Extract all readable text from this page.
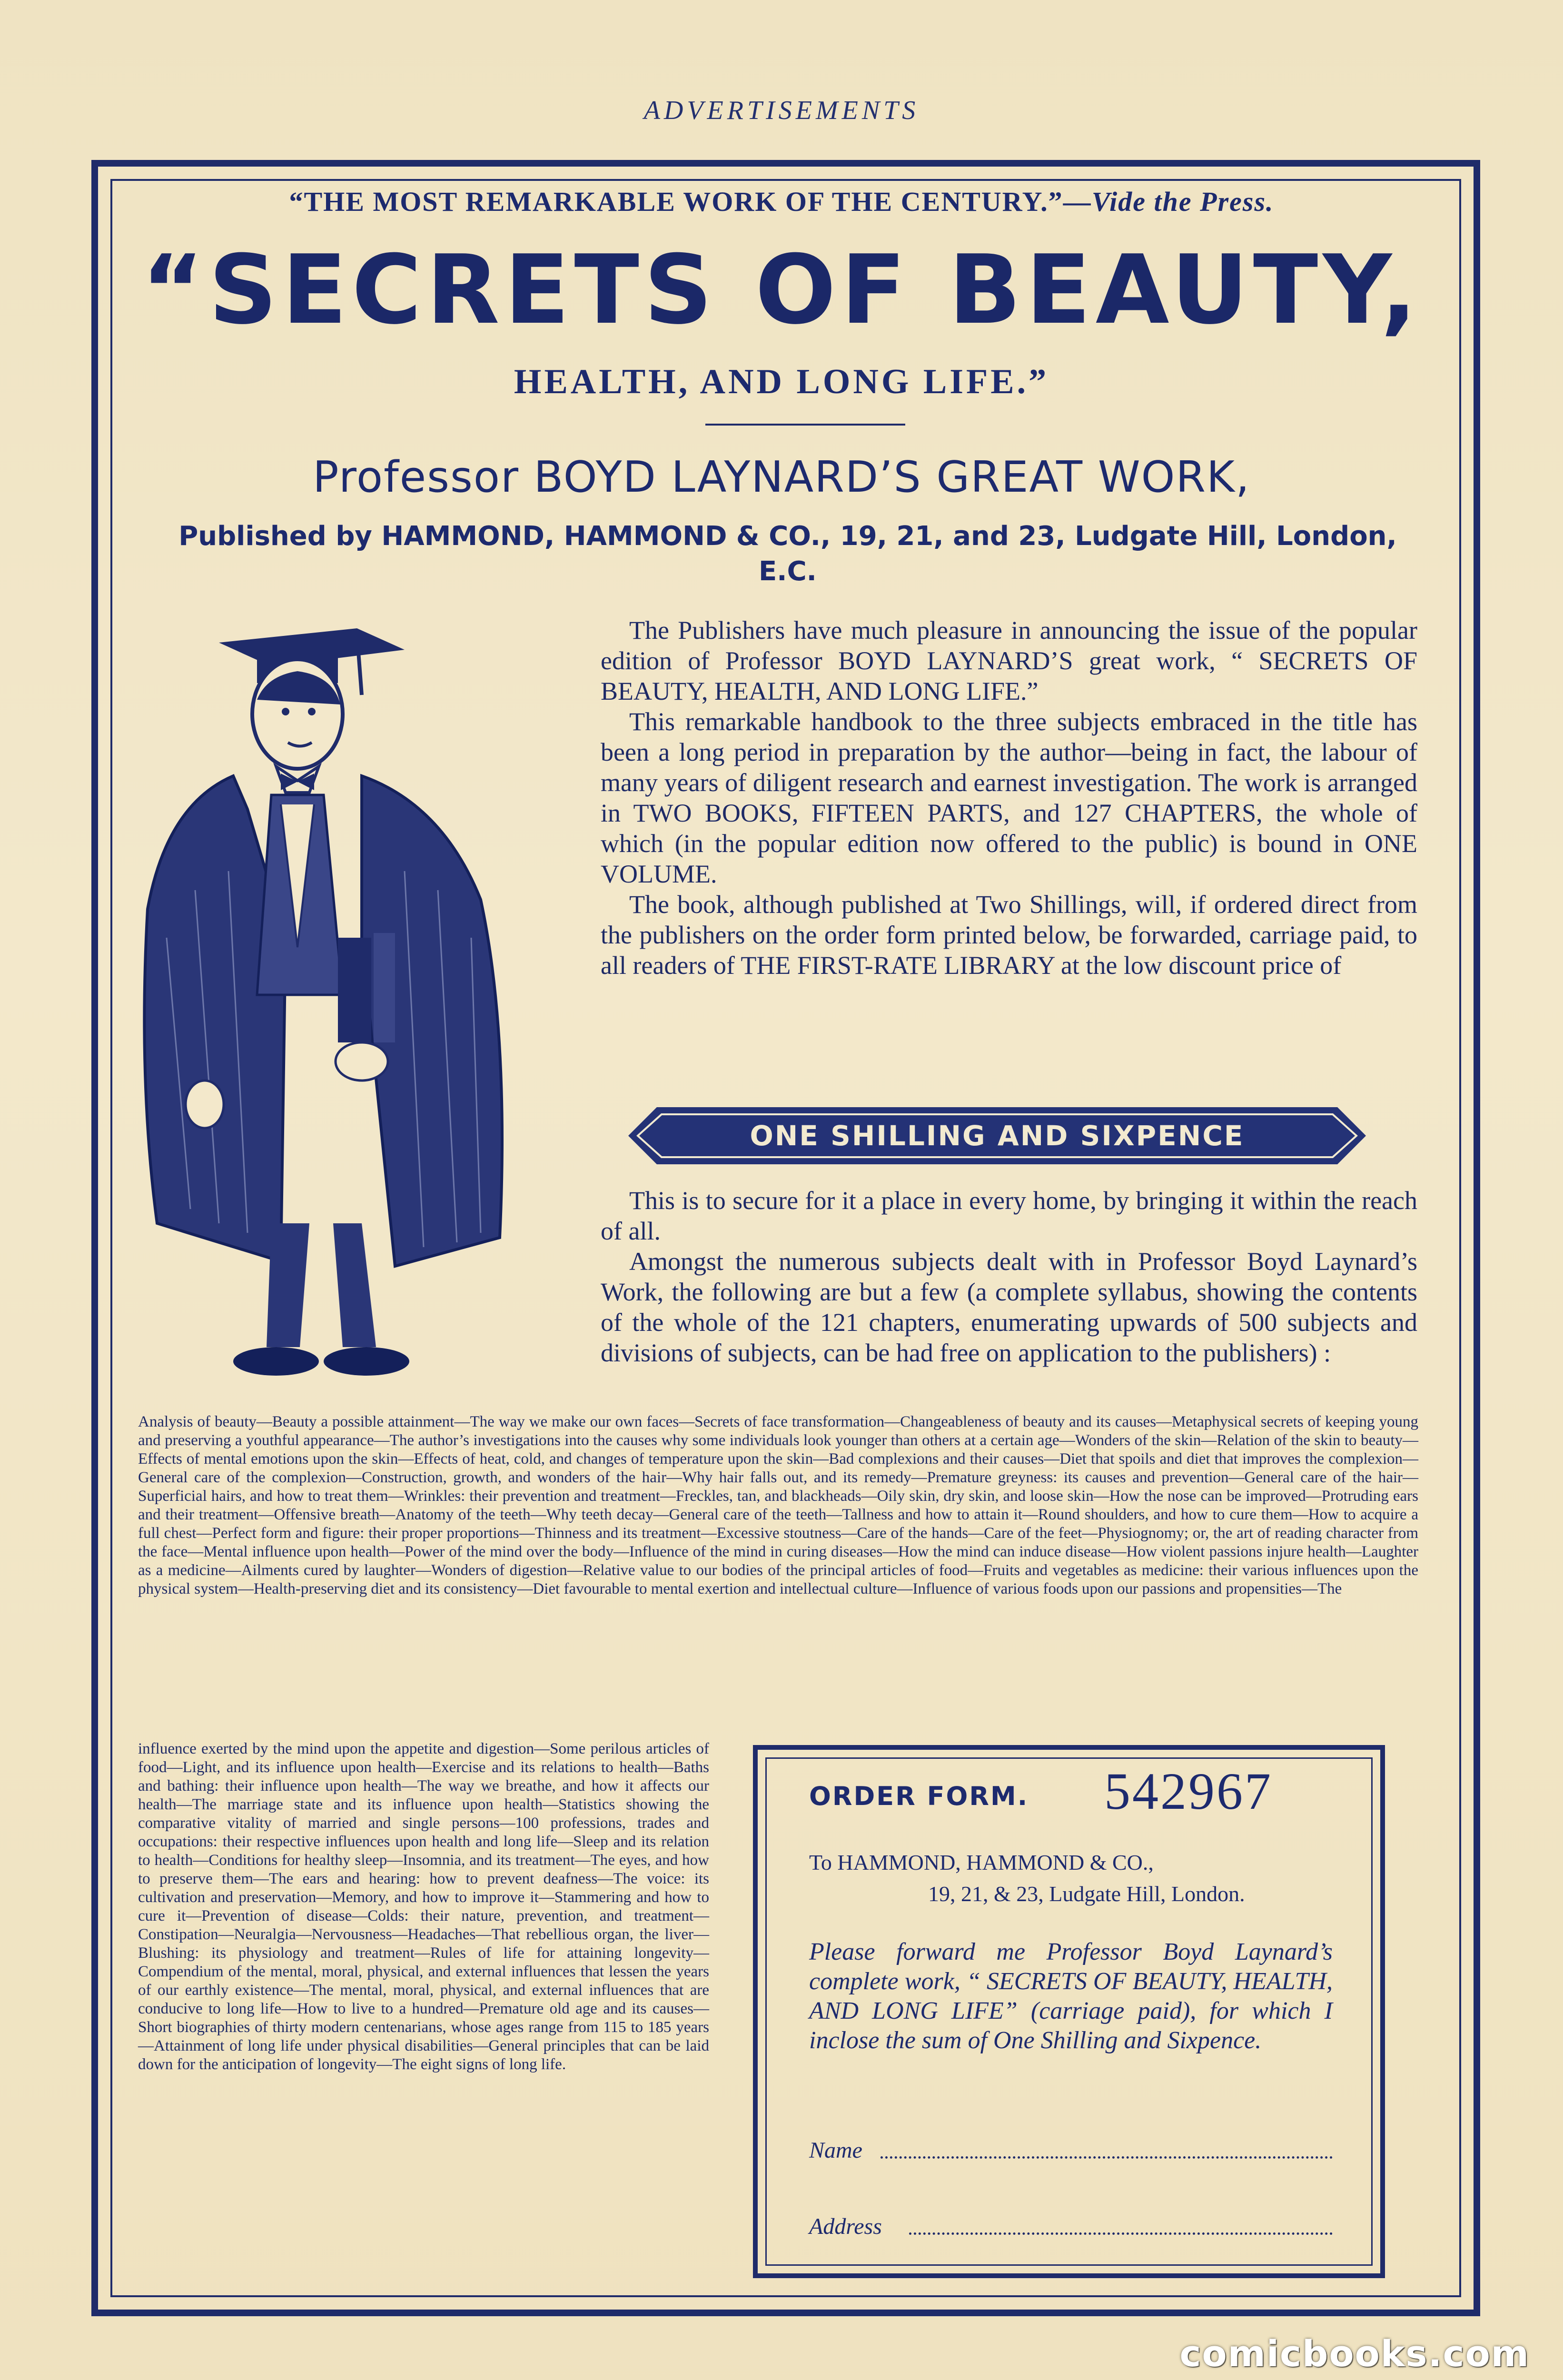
ADVERTISEMENTS
“THE MOST REMARKABLE WORK OF THE CENTURY.”—Vide the Press.
“SECRETS OF BEAUTY,
HEALTH, AND LONG LIFE.”
Professor BOYD LAYNARD’S GREAT WORK,
Published by HAMMOND, HAMMOND & CO., 19, 21, and 23, Ludgate Hill, London, E.C.

The Publishers have much pleasure in announcing the issue of the popular edition of Professor BOYD LAYNARD’S great work, “ SECRETS OF BEAUTY, HEALTH, AND LONG LIFE.”

This remarkable handbook to the three subjects embraced in the title has been a long period in preparation by the author—being in fact, the labour of many years of diligent research and earnest investigation. The work is arranged in TWO BOOKS, FIFTEEN PARTS, and 127 CHAPTERS, the whole of which (in the popular edition now offered to the public) is bound in ONE VOLUME.

The book, although published at Two Shillings, will, if ordered direct from the publishers on the order form printed below, be forwarded, carriage paid, to all readers of THE FIRST-RATE LIBRARY at the low discount price of

ONE SHILLING AND SIXPENCE

This is to secure for it a place in every home, by bringing it within the reach of all.

Amongst the numerous subjects dealt with in Professor Boyd Laynard’s Work, the following are but a few (a complete syllabus, showing the contents of the whole of the 121 chapters, enumerating upwards of 500 subjects and divisions of subjects, can be had free on application to the publishers) :

Analysis of beauty—Beauty a possible attainment—The way we make our own faces—Secrets of face transformation—Changeableness of beauty and its causes—Metaphysical secrets of keeping young and preserving a youthful appearance—The author’s investigations into the causes why some individuals look younger than others at a certain age—Wonders of the skin—Relation of the skin to beauty—Effects of mental emotions upon the skin—Effects of heat, cold, and changes of temperature upon the skin—Bad complexions and their causes—Diet that spoils and diet that improves the complexion—General care of the complexion—Construction, growth, and wonders of the hair—Why hair falls out, and its remedy—Premature greyness: its causes and prevention—General care of the hair—Superficial hairs, and how to treat them—Wrinkles: their prevention and treatment—Freckles, tan, and blackheads—Oily skin, dry skin, and loose skin—How the nose can be improved—Protruding ears and their treatment—Offensive breath—Anatomy of the teeth—Why teeth decay—General care of the teeth—Tallness and how to attain it—Round shoulders, and how to cure them—How to acquire a full chest—Perfect form and figure: their proper proportions—Thinness and its treatment—Excessive stoutness—Care of the hands—Care of the feet—Physiognomy; or, the art of reading character from the face—Mental influence upon health—Power of the mind over the body—Influence of the mind in curing diseases—How the mind can induce disease—How violent passions injure health—Laughter as a medicine—Ailments cured by laughter—Wonders of digestion—Relative value to our bodies of the principal articles of food—Fruits and vegetables as medicine: their various influences upon the physical system—Health-preserving diet and its consistency—Diet favourable to mental exertion and intellectual culture—Influence of various foods upon our passions and propensities—The
influence exerted by the mind upon the appetite and digestion—Some perilous articles of food—Light, and its influence upon health—Exercise and its relations to health—Baths and bathing: their influence upon health—The way we breathe, and how it affects our health—The marriage state and its influence upon health—Statistics showing the comparative vitality of married and single persons—100 professions, trades and occupations: their respective influences upon health and long life—Sleep and its relation to health—Conditions for healthy sleep—Insomnia, and its treatment—The eyes, and how to preserve them—The ears and hearing: how to prevent deafness—The voice: its cultivation and preservation—Memory, and how to improve it—Stammering and how to cure it—Prevention of disease—Colds: their nature, prevention, and treatment—Constipation—Neuralgia—Nervousness—Headaches—That rebellious organ, the liver—Blushing: its physiology and treatment—Rules of life for attaining longevity—Compendium of the mental, moral, physical, and external influences that lessen the years of our earthly existence—The mental, moral, physical, and external influences that are conducive to long life—How to live to a hundred—Premature old age and its causes—Short biographies of thirty modern centenarians, whose ages range from 115 to 185 years—Attainment of long life under physical disabilities—General principles that can be laid down for the anticipation of longevity—The eight signs of long life.
ORDER FORM. 542967
To HAMMOND, HAMMOND & CO.,
19, 21, & 23, Ludgate Hill, London.
Please forward me Professor Boyd Laynard’s complete work, “ SECRETS OF BEAUTY, HEALTH, AND LONG LIFE” (carriage paid), for which I inclose the sum of One Shilling and Sixpence.
Name
Address
comicbooks.com
